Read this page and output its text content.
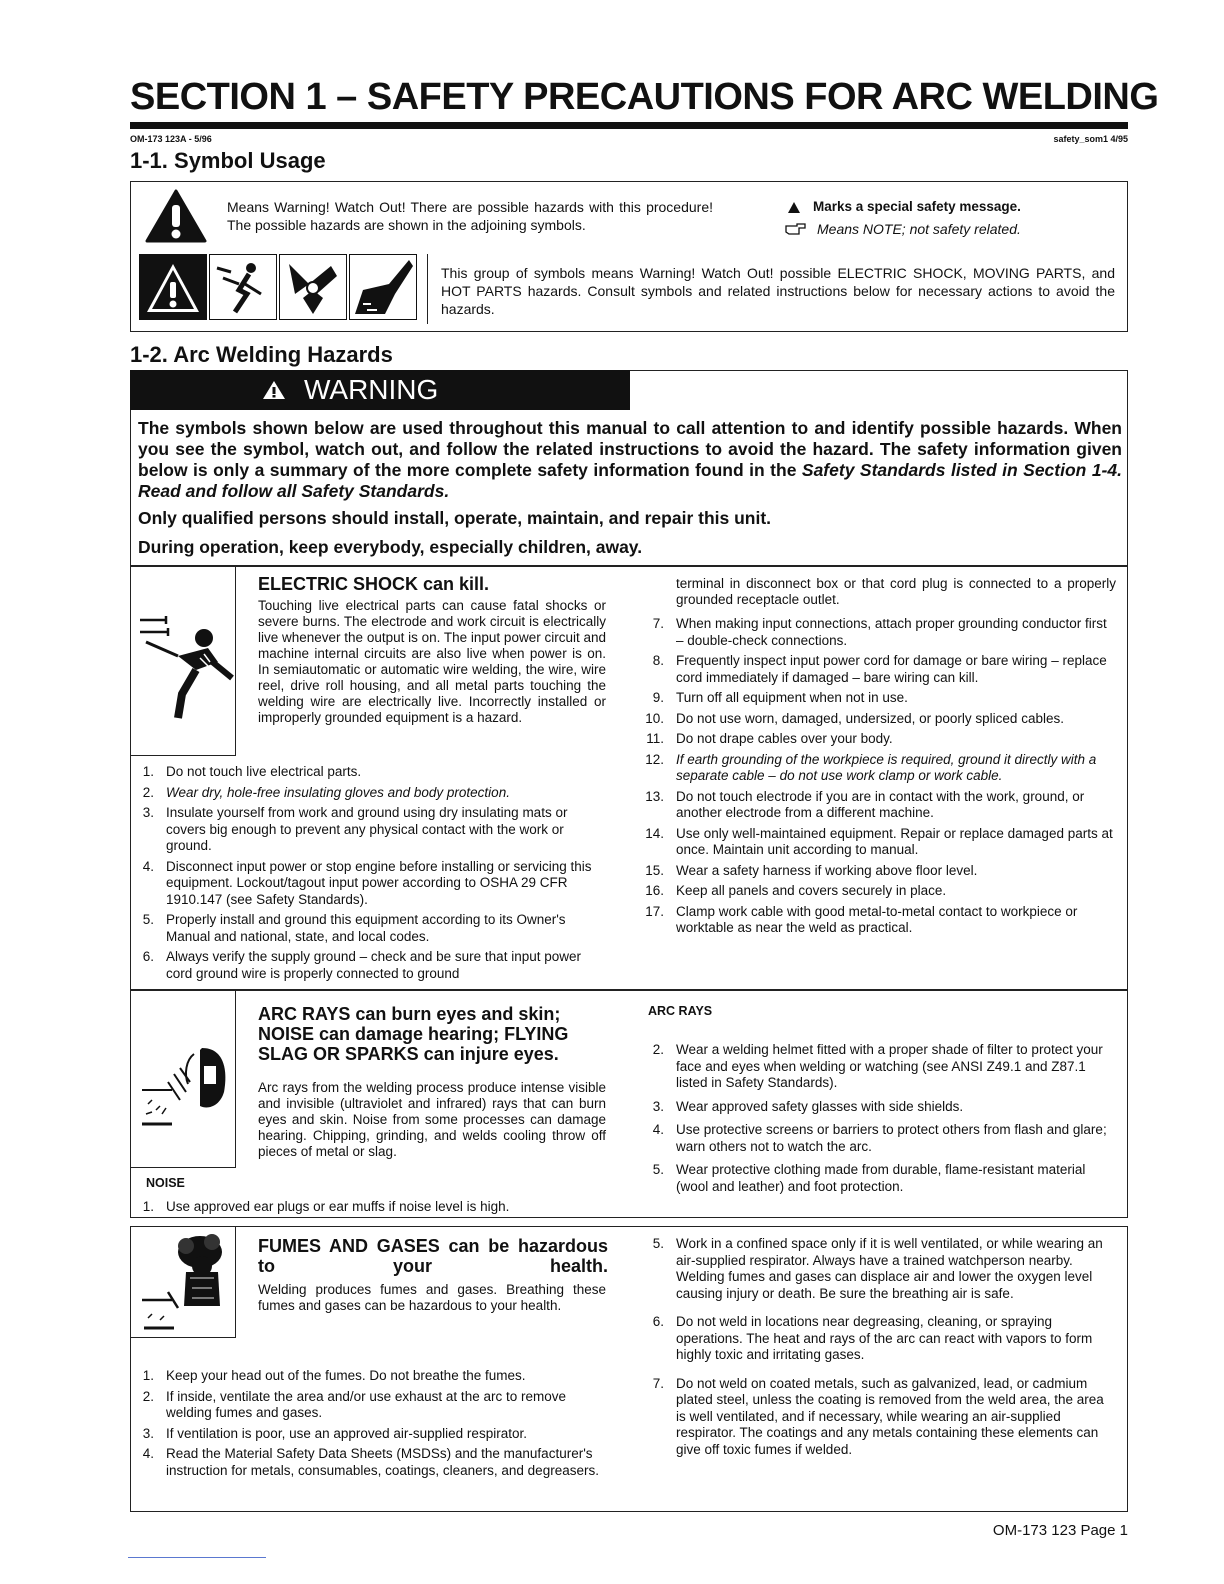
SECTION 1 – SAFETY PRECAUTIONS FOR ARC WELDING
OM-173 123A - 5/96	safety_som1 4/95
1-1. Symbol Usage
Means Warning! Watch Out! There are possible hazards with this procedure! The possible hazards are shown in the adjoining symbols.
Marks a special safety message.
Means NOTE; not safety related.
This group of symbols means Warning! Watch Out! possible ELECTRIC SHOCK, MOVING PARTS, and HOT PARTS hazards. Consult symbols and related instructions below for necessary actions to avoid the hazards.
1-2. Arc Welding Hazards
WARNING
The symbols shown below are used throughout this manual to call attention to and identify possible hazards. When you see the symbol, watch out, and follow the related instructions to avoid the hazard. The safety information given below is only a summary of the more complete safety information found in the Safety Standards listed in Section 1-4. Read and follow all Safety Standards.
Only qualified persons should install, operate, maintain, and repair this unit.
During operation, keep everybody, especially children, away.
ELECTRIC SHOCK can kill.
Touching live electrical parts can cause fatal shocks or severe burns. The electrode and work circuit is electrically live whenever the output is on. The input power circuit and machine internal circuits are also live when power is on. In semiautomatic or automatic wire welding, the wire, wire reel, drive roll housing, and all metal parts touching the welding wire are electrically live. Incorrectly installed or improperly grounded equipment is a hazard.
1. Do not touch live electrical parts.
2. Wear dry, hole-free insulating gloves and body protection.
3. Insulate yourself from work and ground using dry insulating mats or covers big enough to prevent any physical contact with the work or ground.
4. Disconnect input power or stop engine before installing or servicing this equipment. Lockout/tagout input power according to OSHA 29 CFR 1910.147 (see Safety Standards).
5. Properly install and ground this equipment according to its Owner's Manual and national, state, and local codes.
6. Always verify the supply ground – check and be sure that input power cord ground wire is properly connected to ground
terminal in disconnect box or that cord plug is connected to a properly grounded receptacle outlet.
7. When making input connections, attach proper grounding conductor first – double-check connections.
8. Frequently inspect input power cord for damage or bare wiring – replace cord immediately if damaged – bare wiring can kill.
9. Turn off all equipment when not in use.
10. Do not use worn, damaged, undersized, or poorly spliced cables.
11. Do not drape cables over your body.
12. If earth grounding of the workpiece is required, ground it directly with a separate cable – do not use work clamp or work cable.
13. Do not touch electrode if you are in contact with the work, ground, or another electrode from a different machine.
14. Use only well-maintained equipment. Repair or replace damaged parts at once. Maintain unit according to manual.
15. Wear a safety harness if working above floor level.
16. Keep all panels and covers securely in place.
17. Clamp work cable with good metal-to-metal contact to workpiece or worktable as near the weld as practical.
ARC RAYS can burn eyes and skin; NOISE can damage hearing; FLYING SLAG OR SPARKS can injure eyes.
Arc rays from the welding process produce intense visible and invisible (ultraviolet and infrared) rays that can burn eyes and skin. Noise from some processes can damage hearing. Chipping, grinding, and welds cooling throw off pieces of metal or slag.
NOISE
1. Use approved ear plugs or ear muffs if noise level is high.
ARC RAYS
2. Wear a welding helmet fitted with a proper shade of filter to protect your face and eyes when welding or watching (see ANSI Z49.1 and Z87.1 listed in Safety Standards).
3. Wear approved safety glasses with side shields.
4. Use protective screens or barriers to protect others from flash and glare; warn others not to watch the arc.
5. Wear protective clothing made from durable, flame-resistant material (wool and leather) and foot protection.
FUMES AND GASES can be hazardous to your health.
Welding produces fumes and gases. Breathing these fumes and gases can be hazardous to your health.
1. Keep your head out of the fumes. Do not breathe the fumes.
2. If inside, ventilate the area and/or use exhaust at the arc to remove welding fumes and gases.
3. If ventilation is poor, use an approved air-supplied respirator.
4. Read the Material Safety Data Sheets (MSDSs) and the manufacturer's instruction for metals, consumables, coatings, cleaners, and degreasers.
5. Work in a confined space only if it is well ventilated, or while wearing an air-supplied respirator. Always have a trained watchperson nearby. Welding fumes and gases can displace air and lower the oxygen level causing injury or death. Be sure the breathing air is safe.
6. Do not weld in locations near degreasing, cleaning, or spraying operations. The heat and rays of the arc can react with vapors to form highly toxic and irritating gases.
7. Do not weld on coated metals, such as galvanized, lead, or cadmium plated steel, unless the coating is removed from the weld area, the area is well ventilated, and if necessary, while wearing an air-supplied respirator. The coatings and any metals containing these elements can give off toxic fumes if welded.
OM-173 123 Page 1
